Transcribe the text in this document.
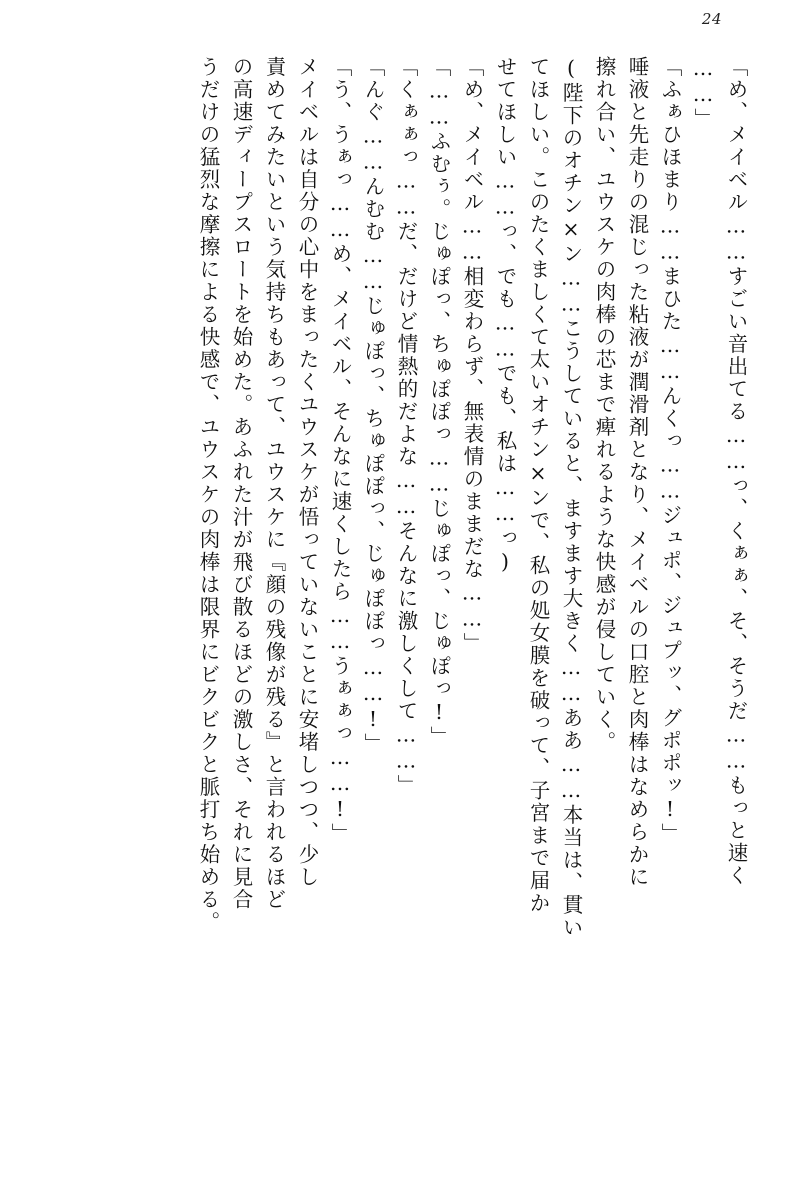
24
「め、メイベル……すごい音出てる……っ、くぁぁ、そ、そうだ……もっと速く
……」
「ふぁひほまり……まひた……んくっ……ジュポ、ジュプッ、グポポッ!」
唾液と先走りの混じった粘液が潤滑剤となり、メイベルの口腔と肉棒はなめらかに
擦れ合い、ユウスケの肉棒の芯まで痺れるような快感が侵していく。
(陛下のオチン×ン……こうしていると、ますます大きく……ああ……本当は、貫い
てほしい。このたくましくて太いオチン×ンで、私の処女膜を破って、子宮まで届か
せてほしい……っ、でも……でも、私は……っ)
「め、メイベル……相変わらず、無表情のままだな……」
「……ふむぅ。じゅぽっ、ちゅぽぽっ……じゅぽっ、じゅぽっ!」
「くぁぁっ……だ、だけど情熱的だよな……そんなに激しくして……」
「んぐ……んむむ……じゅぽっ、ちゅぽぽっ、じゅぽぽっ……!」
「う、うぁっ……め、メイベル、そんなに速くしたら……うぁぁっ……!」
メイベルは自分の心中をまったくユウスケが悟っていないことに安堵しつつ、少し
責めてみたいという気持ちもあって、ユウスケに『顔の残像が残る』と言われるほど
の高速ディープスロートを始めた。あふれた汁が飛び散るほどの激しさ、それに見合
うだけの猛烈な摩擦による快感で、ユウスケの肉棒は限界にビクビクと脈打ち始める。
